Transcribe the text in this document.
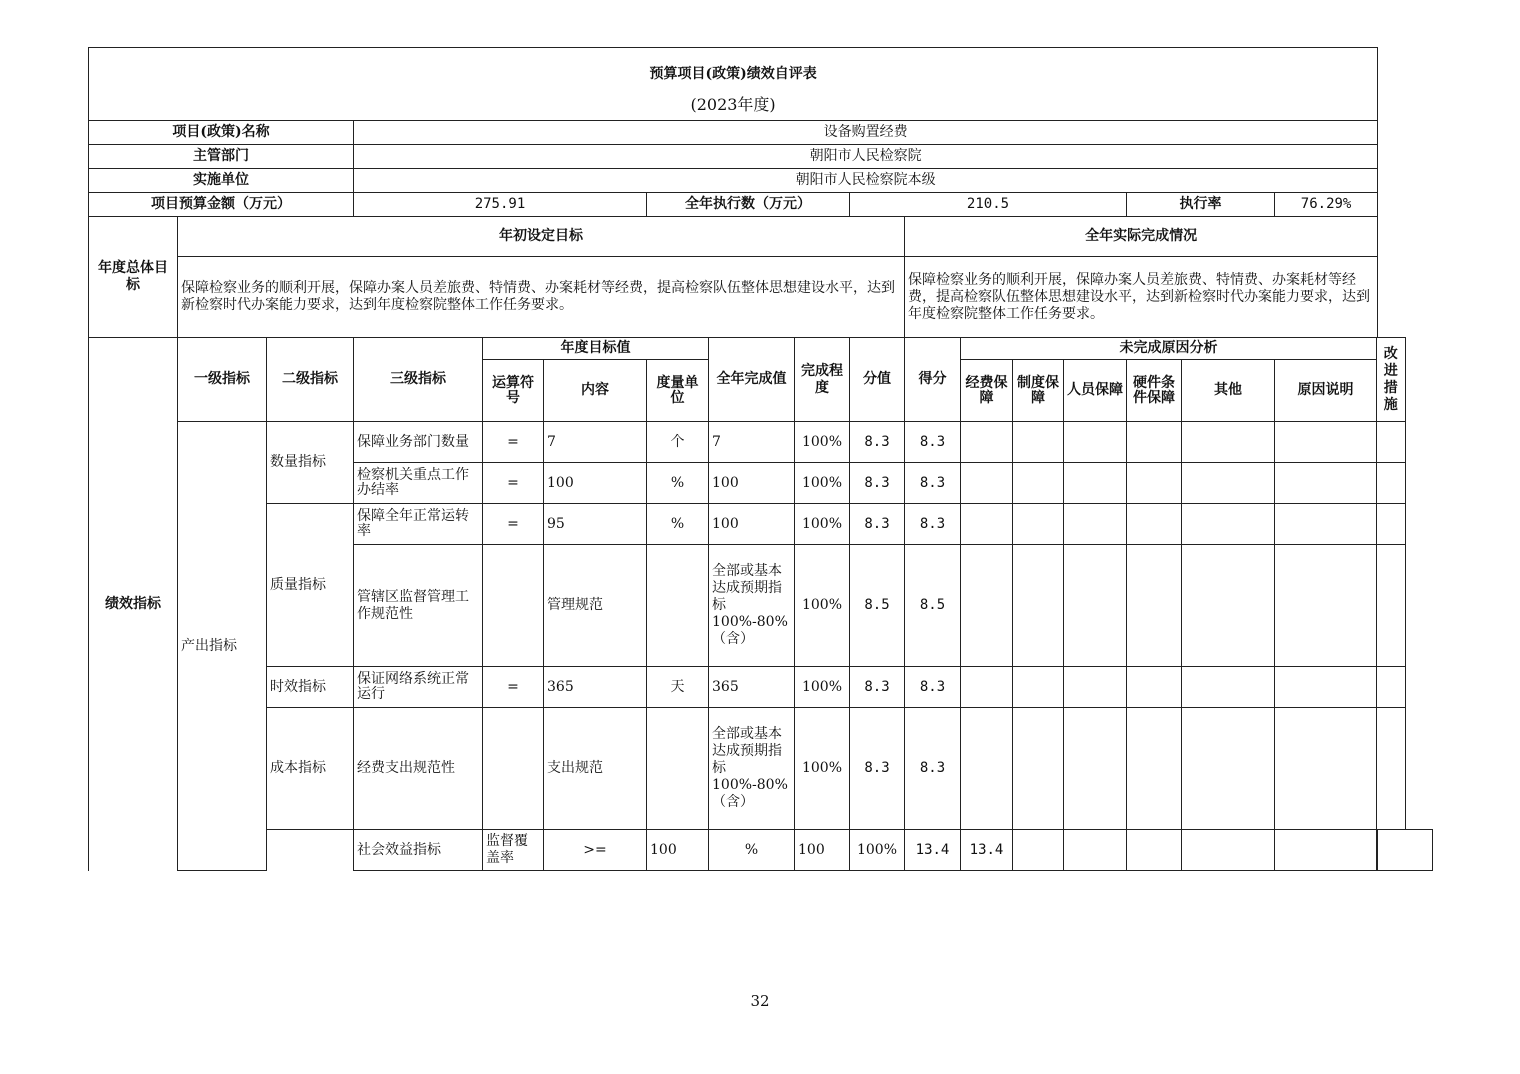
预算项目(政策)绩效自评表
(2023年度)																	

项目(政策)名称			设备购置经费														
主管部门			朝阳市人民检察院														
实施单位			朝阳市人民检察院本级														
项目预算金额（万元）			275.91			全年执行数（万元）			210.5					执行率		76.29%	
年度总体目标	年初设定目标									全年实际完成情况							
	保障检察业务的顺利开展，保障办案人员差旅费、特情费、办案耗材等经费，提高检察队伍整体思想建设水平，达到新检察时代办案能力要求，达到年度检察院整体工作任务要求。									保障检察业务的顺利开展，保障办案人员差旅费、特情费、办案耗材等经费，提高检察队伍整体思想建设水平，达到新检察时代办案能力要求，达到年度检察院整体工作任务要求。							
绩效指标	一级指标	二级指标	三级指标	年度目标值			全年完成值	完成程度	分值	得分	未完成原因分析						改进措施
				运算符号	内容	度量单位					经费保障	制度保障	人员保障	硬件条件保障	其他	原因说明	
	产出指标	数量指标	保障业务部门数量	=	7	个	7	100%	8.3	8.3							
			检察机关重点工作办结率	=	100	%	100	100%	8.3	8.3							
		质量指标	保障全年正常运转率	=	95	%	100	100%	8.3	8.3							
			管辖区监督管理工作规范性		管理规范		全部或基本达成预期指标100%-80%（含）	100%	8.5	8.5							
		时效指标	保证网络系统正常运行	=	365	天	365	100%	8.3	8.3							
		成本指标	经费支出规范性		支出规范		全部或基本达成预期指标100%-80%（含）	100%	8.3	8.3							
			社会效益指标	监督覆盖率	>=	100	%	100	100%	13.4	13.4							
32
